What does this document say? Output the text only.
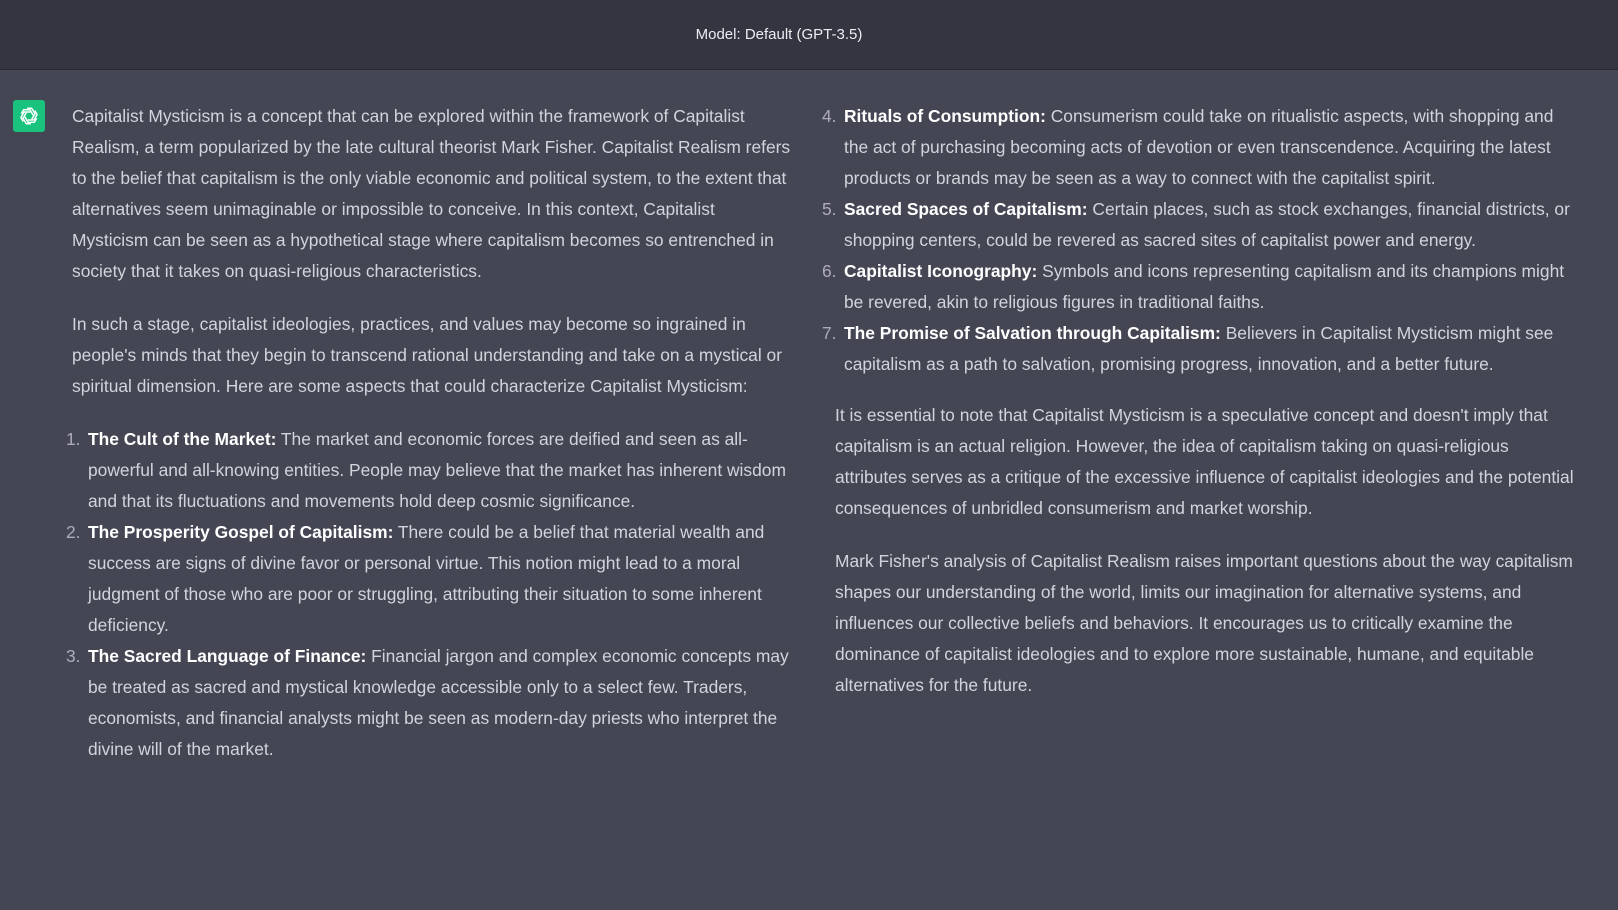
Model: Default (GPT-3.5)

Capitalist Mysticism is a concept that can be explored within the framework of Capitalist Realism, a term popularized by the late cultural theorist Mark Fisher. Capitalist Realism refers to the belief that capitalism is the only viable economic and political system, to the extent that alternatives seem unimaginable or impossible to conceive. In this context, Capitalist Mysticism can be seen as a hypothetical stage where capitalism becomes so entrenched in society that it takes on quasi-religious characteristics.

In such a stage, capitalist ideologies, practices, and values may become so ingrained in people's minds that they begin to transcend rational understanding and take on a mystical or spiritual dimension. Here are some aspects that could characterize Capitalist Mysticism:

1. The Cult of the Market: The market and economic forces are deified and seen as all-powerful and all-knowing entities. People may believe that the market has inherent wisdom and that its fluctuations and movements hold deep cosmic significance.
2. The Prosperity Gospel of Capitalism: There could be a belief that material wealth and success are signs of divine favor or personal virtue. This notion might lead to a moral judgment of those who are poor or struggling, attributing their situation to some inherent deficiency.
3. The Sacred Language of Finance: Financial jargon and complex economic concepts may be treated as sacred and mystical knowledge accessible only to a select few. Traders, economists, and financial analysts might be seen as modern-day priests who interpret the divine will of the market.
4. Rituals of Consumption: Consumerism could take on ritualistic aspects, with shopping and the act of purchasing becoming acts of devotion or even transcendence. Acquiring the latest products or brands may be seen as a way to connect with the capitalist spirit.
5. Sacred Spaces of Capitalism: Certain places, such as stock exchanges, financial districts, or shopping centers, could be revered as sacred sites of capitalist power and energy.
6. Capitalist Iconography: Symbols and icons representing capitalism and its champions might be revered, akin to religious figures in traditional faiths.
7. The Promise of Salvation through Capitalism: Believers in Capitalist Mysticism might see capitalism as a path to salvation, promising progress, innovation, and a better future.

It is essential to note that Capitalist Mysticism is a speculative concept and doesn't imply that capitalism is an actual religion. However, the idea of capitalism taking on quasi-religious attributes serves as a critique of the excessive influence of capitalist ideologies and the potential consequences of unbridled consumerism and market worship.

Mark Fisher's analysis of Capitalist Realism raises important questions about the way capitalism shapes our understanding of the world, limits our imagination for alternative systems, and influences our collective beliefs and behaviors. It encourages us to critically examine the dominance of capitalist ideologies and to explore more sustainable, humane, and equitable alternatives for the future.
